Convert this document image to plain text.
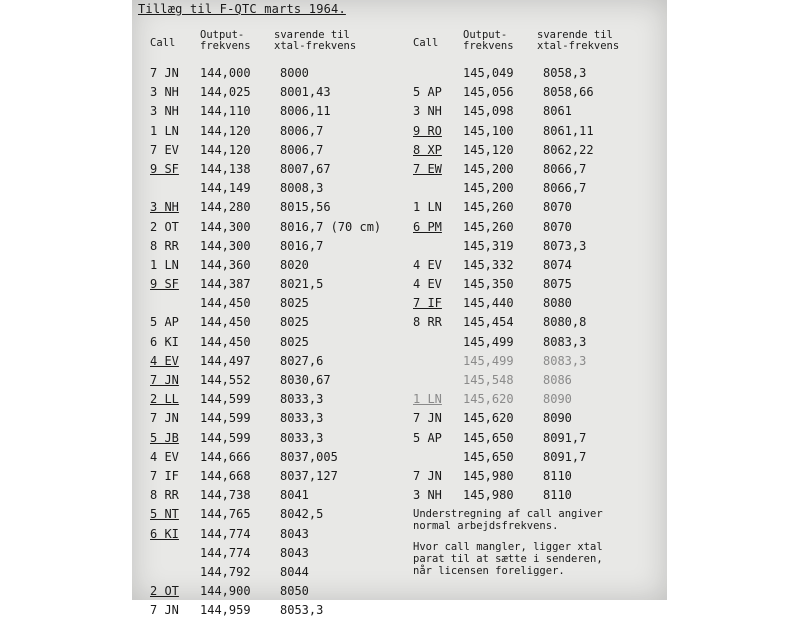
Tillæg til F-QTC marts 1964.
Call
Output-
frekvens
svarende til
xtal-frekvens
7 JN 144,000 8000
3 NH 144,025 8001,43
3 NH 144,110 8006,11
1 LN 144,120 8006,7
7 EV 144,120 8006,7
9 SF 144,138 8007,67
144,149 8008,3
3 NH 144,280 8015,56
2 OT 144,300 8016,7 (70 cm)
8 RR 144,300 8016,7
1 LN 144,360 8020
9 SF 144,387 8021,5
144,450 8025
5 AP 144,450 8025
6 KI 144,450 8025
4 EV 144,497 8027,6
7 JN 144,552 8030,67
2 LL 144,599 8033,3
7 JN 144,599 8033,3
5 JB 144,599 8033,3
4 EV 144,666 8037,005
7 IF 144,668 8037,127
8 RR 144,738 8041
5 NT 144,765 8042,5
6 KI 144,774 8043
144,774 8043
144,792 8044
2 OT 144,900 8050
7 JN 144,959 8053,3
Call
Output-
frekvens
svarende til
xtal-frekvens
145,049 8058,3
5 AP 145,056 8058,66
3 NH 145,098 8061
9 RO 145,100 8061,11
8 XP 145,120 8062,22
7 EW 145,200 8066,7
145,200 8066,7
1 LN 145,260 8070
6 PM 145,260 8070
145,319 8073,3
4 EV 145,332 8074
4 EV 145,350 8075
7 IF 145,440 8080
8 RR 145,454 8080,8
145,499 8083,3
145,499 8083,3
145,548 8086
1 LN 145,620 8090
7 JN 145,620 8090
5 AP 145,650 8091,7
145,650 8091,7
7 JN 145,980 8110
3 NH 145,980 8110

Understregning af call angiver
normal arbejdsfrekvens.

Hvor call mangler, ligger xtal
parat til at sætte i senderen,
når licensen foreligger.
